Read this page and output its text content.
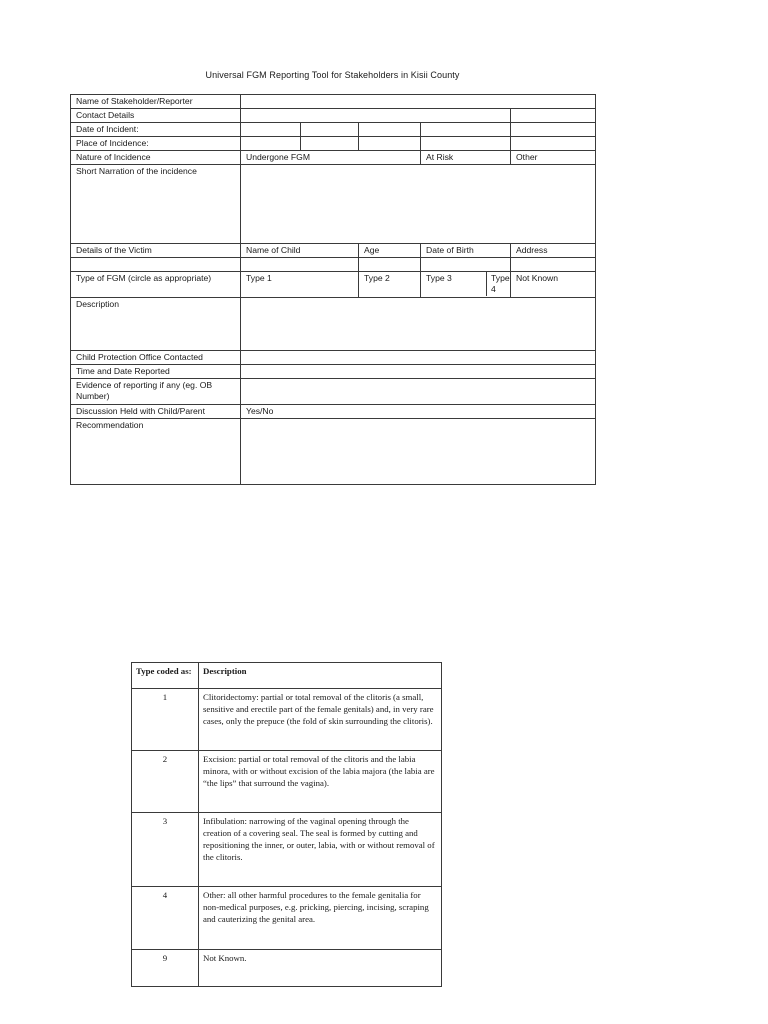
Universal FGM Reporting Tool for Stakeholders in Kisii County
Name of Stakeholder/Reporter					
Contact Details					
Date of Incident:					
Place of Incidence:					
Nature of Incidence	Undergone FGM			At Risk	Other
Short Narration of the incidence					
Details of the Victim	Name of Child		Age	Date of Birth	Address

Type of FGM (circle as appropriate)	Type 1		Type 2	Type 3 Type 4	Not Known
Description					
Child Protection Office Contacted					
Time and Date Reported					
Evidence of reporting if any (eg. OB Number)					
Discussion Held with Child/Parent	Yes/No				
Recommendation					
Type coded as:	Description
1	Clitoridectomy: partial or total removal of the clitoris (a small, sensitive and erectile part of the female genitals) and, in very rare cases, only the prepuce (the fold of skin surrounding the clitoris).
2	Excision: partial or total removal of the clitoris and the labia minora, with or without excision of the labia majora (the labia are “the lips” that surround the vagina).
3	Infibulation: narrowing of the vaginal opening through the creation of a covering seal. The seal is formed by cutting and repositioning the inner, or outer, labia, with or without removal of the clitoris.
4	Other: all other harmful procedures to the female genitalia for non-medical purposes, e.g. pricking, piercing, incising, scraping and cauterizing the genital area.
9	Not Known.
